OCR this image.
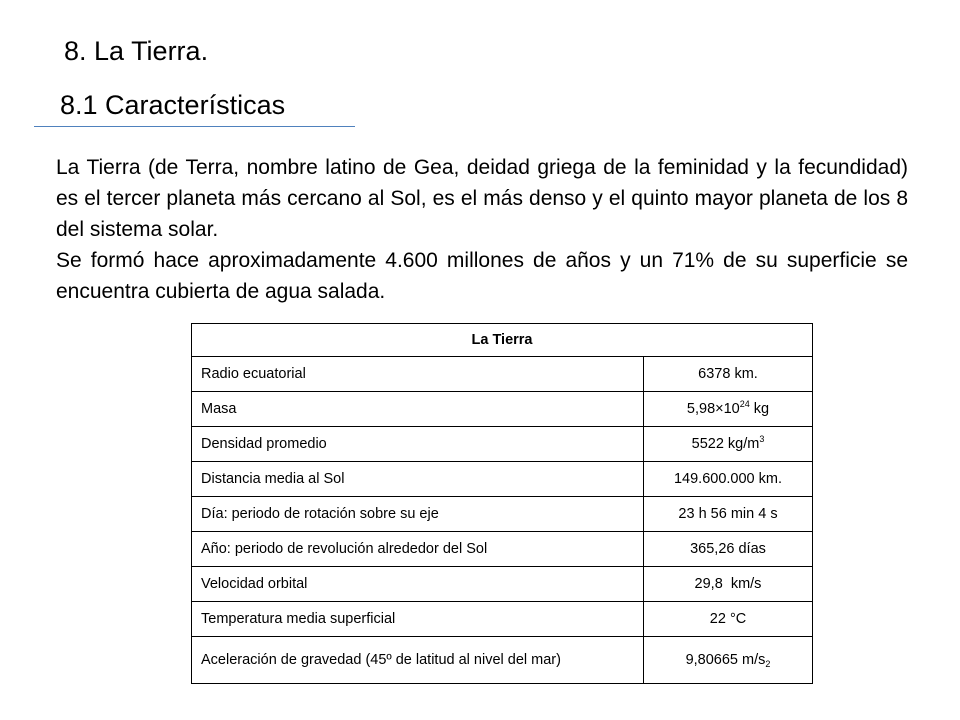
8. La Tierra.
8.1 Características

La Tierra (de Terra, nombre latino de Gea, deidad griega de la feminidad y la fecundidad) es el tercer planeta más cercano al Sol, es el más denso y el quinto mayor planeta de los 8 del sistema solar.

Se formó hace aproximadamente 4.600 millones de años y un 71% de su superficie se encuentra cubierta de agua salada.

La Tierra	
Radio ecuatorial	6378 km.
Masa	$5,98\times 10^{24}$ kg
Densidad promedio	5522 $kg/m^3$
Distancia media al Sol	149.600.000 km.
Día: periodo de rotación sobre su eje	23 h 56 min 4 s
Año: periodo de revolución alrededor del Sol	365,26 días
Velocidad orbital	29,8  km/s
Temperatura media superficial	22 °C
Aceleración de gravedad (45º de latitud al nivel del mar)	9,80665 $m/s_2$
